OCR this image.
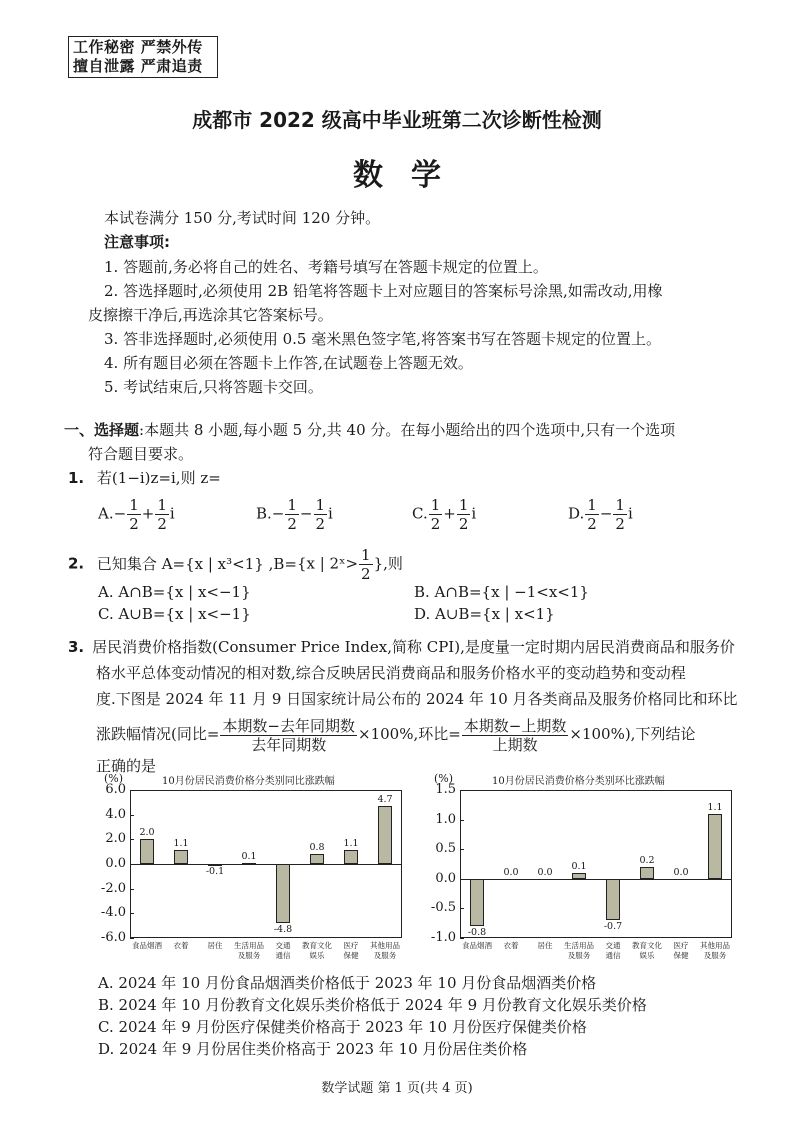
工作秘密 严禁外传
擅自泄露 严肃追责
成都市 2022 级高中毕业班第二次诊断性检测
数学
本试卷满分 150 分,考试时间 120 分钟。
注意事项:
1. 答题前,务必将自己的姓名、考籍号填写在答题卡规定的位置上。
2. 答选择题时,必须使用 2B 铅笔将答题卡上对应题目的答案标号涂黑,如需改动,用橡
皮擦擦干净后,再选涂其它答案标号。
3. 答非选择题时,必须使用 0.5 毫米黑色签字笔,将答案书写在答题卡规定的位置上。
4. 所有题目必须在答题卡上作答,在试题卷上答题无效。
5. 考试结束后,只将答题卡交回。
一、选择题:本题共 8 小题,每小题 5 分,共 40 分。在每小题给出的四个选项中,只有一个选项
符合题目要求。
1. 若(1−i)z=i,则 z=
$A.- \frac{1}{2} + \frac{1}{2}$ i	$B.- \frac{1}{2} - \frac{1}{2}$ i	C. $\frac{1}{2} + \frac{1}{2}$ i	D. $\frac{1}{2} - \frac{1}{2}$ i
2. 已知集合 A={x | x³<1} ,B={x | 2ˣ> $\frac{1}{2}$ },则
A. A∩B={x | x<−1}	B. A∩B={x | −1<x<1}
C. A∪B={x | x<−1}	D. A∪B={x | x<1}
3. 居民消费价格指数(Consumer Price Index,简称 CPI),是度量一定时期内居民消费商品和服务价
格水平总体变动情况的相对数,综合反映居民消费商品和服务价格水平的变动趋势和变动程
度.下图是 2024 年 11 月 9 日国家统计局公布的 2024 年 10 月各类商品及服务价格同比和环比
涨跌幅情况(同比= $\frac{\text{本期数−去年同期数}}{\text{去年同期数}} \times 100\%$,环比= $\frac{\text{本期数−上期数}}{\text{上期数}} \times 100\%$),下列结论
正确的是
(%)	10月份居民消费价格分类别同比涨跌幅
6.0
4.0
2.0
0.0
-2.0
-4.0
-6.0
2.0
食品烟酒
1.1
衣着
-0.1
居住
0.1
生活用品
及服务
-4.8
交通
通信
0.8
教育文化
娱乐
1.1
医疗
保健
4.7
其他用品
及服务
(%)	10月份居民消费价格分类别环比涨跌幅
1.5
1.0
0.5
0.0
-0.5
-1.0	-0.8
食品烟酒
0.0
衣着
0.0
居住
0.1
生活用品
及服务
-0.7
交通
通信
0.2
教育文化
娱乐
0.0
医疗
保健
1.1
其他用品
及服务
A. 2024 年 10 月份食品烟酒类价格低于 2023 年 10 月份食品烟酒类价格
B. 2024 年 10 月份教育文化娱乐类价格低于 2024 年 9 月份教育文化娱乐类价格
C. 2024 年 9 月份医疗保健类价格高于 2023 年 10 月份医疗保健类价格
D. 2024 年 9 月份居住类价格高于 2023 年 10 月份居住类价格
数学试题 第 1 页(共 4 页)
